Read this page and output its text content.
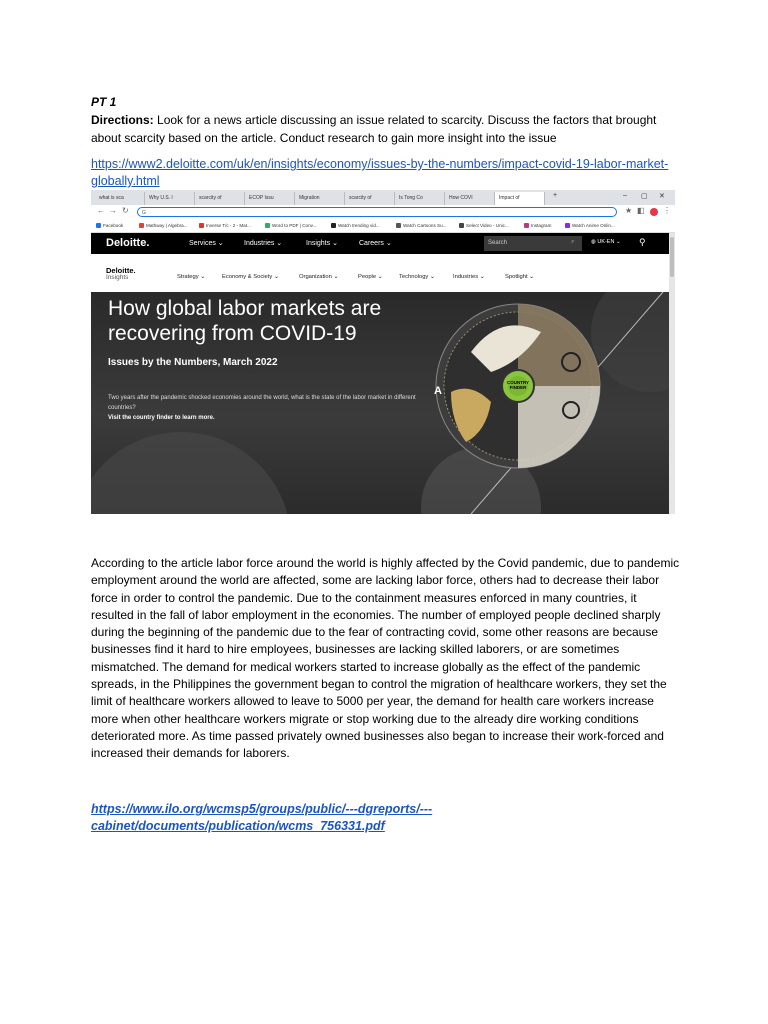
PT 1
Directions: Look for a news article discussing an issue related to scarcity. Discuss the factors that brought about scarcity based on the article. Conduct research to gain more insight into the issue
https://www2.deloitte.com/uk/en/insights/economy/issues-by-the-numbers/impact-covid-19-labor-market-globally.html
what is sca	Why U.S. l	scarcity of	ECOP Issu	Migration	scarcity of	Is Tong Co	How COVI	Impact of	+	– ▢ ✕
← → ↻	G	★ ◧ ⋮
Facebook	Mathway | Algebra...	Inverse T/c - 2 - Mat...	Word to PDF | Conv...	Watch trending vid...	Watch Cartoons Su...	Select Video - Unic...	Instagram	Watch Anime Onlin...
Deloitte.	Services ⌄	Industries ⌄	Insights ⌄	Careers ⌄	Search	⌕	◍ UK-EN ⌄ ⚲
Deloitte.
Insights	Strategy ⌄	Economy & Society ⌄	Organization ⌄	People ⌄	Technology ⌄	Industries ⌄	Spotlight ⌄
How global labor markets are recovering from COVID-19
Issues by the Numbers, March 2022
Two years after the pandemic shocked economies around the world, what is the state of the labor market in different countries?
Visit the country finder to learn more.
COUNTRY FINDER
A
According to the article labor force around the world is highly affected by the Covid pandemic, due to pandemic employment around the world are affected, some are lacking labor force, others had to decrease their labor force in order to control the pandemic. Due to the containment measures enforced in many countries, it resulted in the fall of labor employment in the economies. The number of employed people declined sharply during the beginning of the pandemic due to the fear of contracting covid, some other reasons are because businesses find it hard to hire employees, businesses are lacking skilled laborers, or are sometimes mismatched. The demand for medical workers started to increase globally as the effect of the pandemic spreads, in the Philippines the government began to control the migration of healthcare workers, they set the limit of healthcare workers allowed to leave to 5000 per year, the demand for health care workers increase more when other healthcare workers migrate or stop working due to the already dire working conditions deteriorated more. As time passed privately owned businesses also began to increase their work-forced and increased their demands for laborers.
https://www.ilo.org/wcmsp5/groups/public/---dgreports/---cabinet/documents/publication/wcms_756331.pdf
